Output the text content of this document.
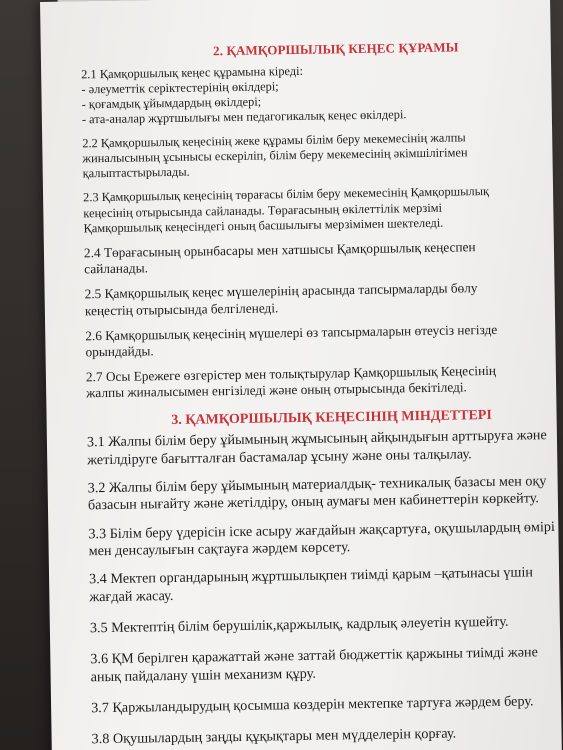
2. ҚАМҚОРШЫЛЫҚ КЕҢЕС ҚҰРАМЫ

2.1 Қамқоршылық кеңес құрамына кіреді:
- әлеуметтік серіктестерінің өкілдері;
- қоғамдық ұйымдардың өкілдері;
- ата-аналар жұртшылығы мен педагогикалық кеңес өкілдері.

2.2 Қамқоршылық кеңесінің жеке құрамы білім беру мекемесінің жалпы
жиналысының ұсынысы ескеріліп, білім беру мекемесінің әкімшілігімен
қалыптастырылады.

2.3 Қамқоршылық кеңесінің төрағасы білім беру мекемесінің Қамқоршылық
кеңесінің отырысында сайланады. Төрағасының өкілеттілік мерзімі
Қамқоршылық кеңесіндегі оның басшылығы мерзімімен шектеледі.

2.4 Төрағасының орынбасары мен хатшысы Қамқоршылық кеңеспен
сайланады.

2.5 Қамқоршылық кеңес мүшелерінің арасында тапсырмаларды бөлу
кеңестің отырысында белгіленеді.

2.6 Қамқоршылық кеңесінің мүшелері өз тапсырмаларын өтеусіз негізде
орындайды.

2.7 Осы Ережеге өзгерістер мен толықтырулар Қамқоршылық Кеңесінің
жалпы жиналысымен енгізіледі және оның отырысында бекітіледі.

3. ҚАМҚОРШЫЛЫҚ КЕҢЕСІНІҢ МІНДЕТТЕРІ

3.1 Жалпы білім беру ұйымының жұмысының айқындығын арттыруға және
жетілдіруге бағытталған бастамалар ұсыну және оны талқылау.

3.2 Жалпы білім беру ұйымының материалдық- техникалық базасы мен оқу
базасын нығайту және жетілдіру, оның аумағы мен кабинеттерін көркейту.

3.3 Білім беру үдерісін іске асыру жағдайын жақсартуға, оқушылардың өмірі
мен денсаулығын сақтауға жәрдем көрсету.

3.4 Мектеп органдарының жұртшылықпен тиімді қарым –қатынасы үшін
жағдай жасау.

3.5 Мектептің білім берушілік,қаржылық, кадрлық әлеуетін күшейту.

3.6 ҚМ берілген қаражаттай және заттай бюджеттік қаржыны тиімді және
анық пайдалану үшін механизм құру.

3.7 Қаржыландырудың қосымша көздерін мектепке тартуға жәрдем беру.

3.8 Оқушылардың заңды құқықтары мен мүдделерін қорғау.
